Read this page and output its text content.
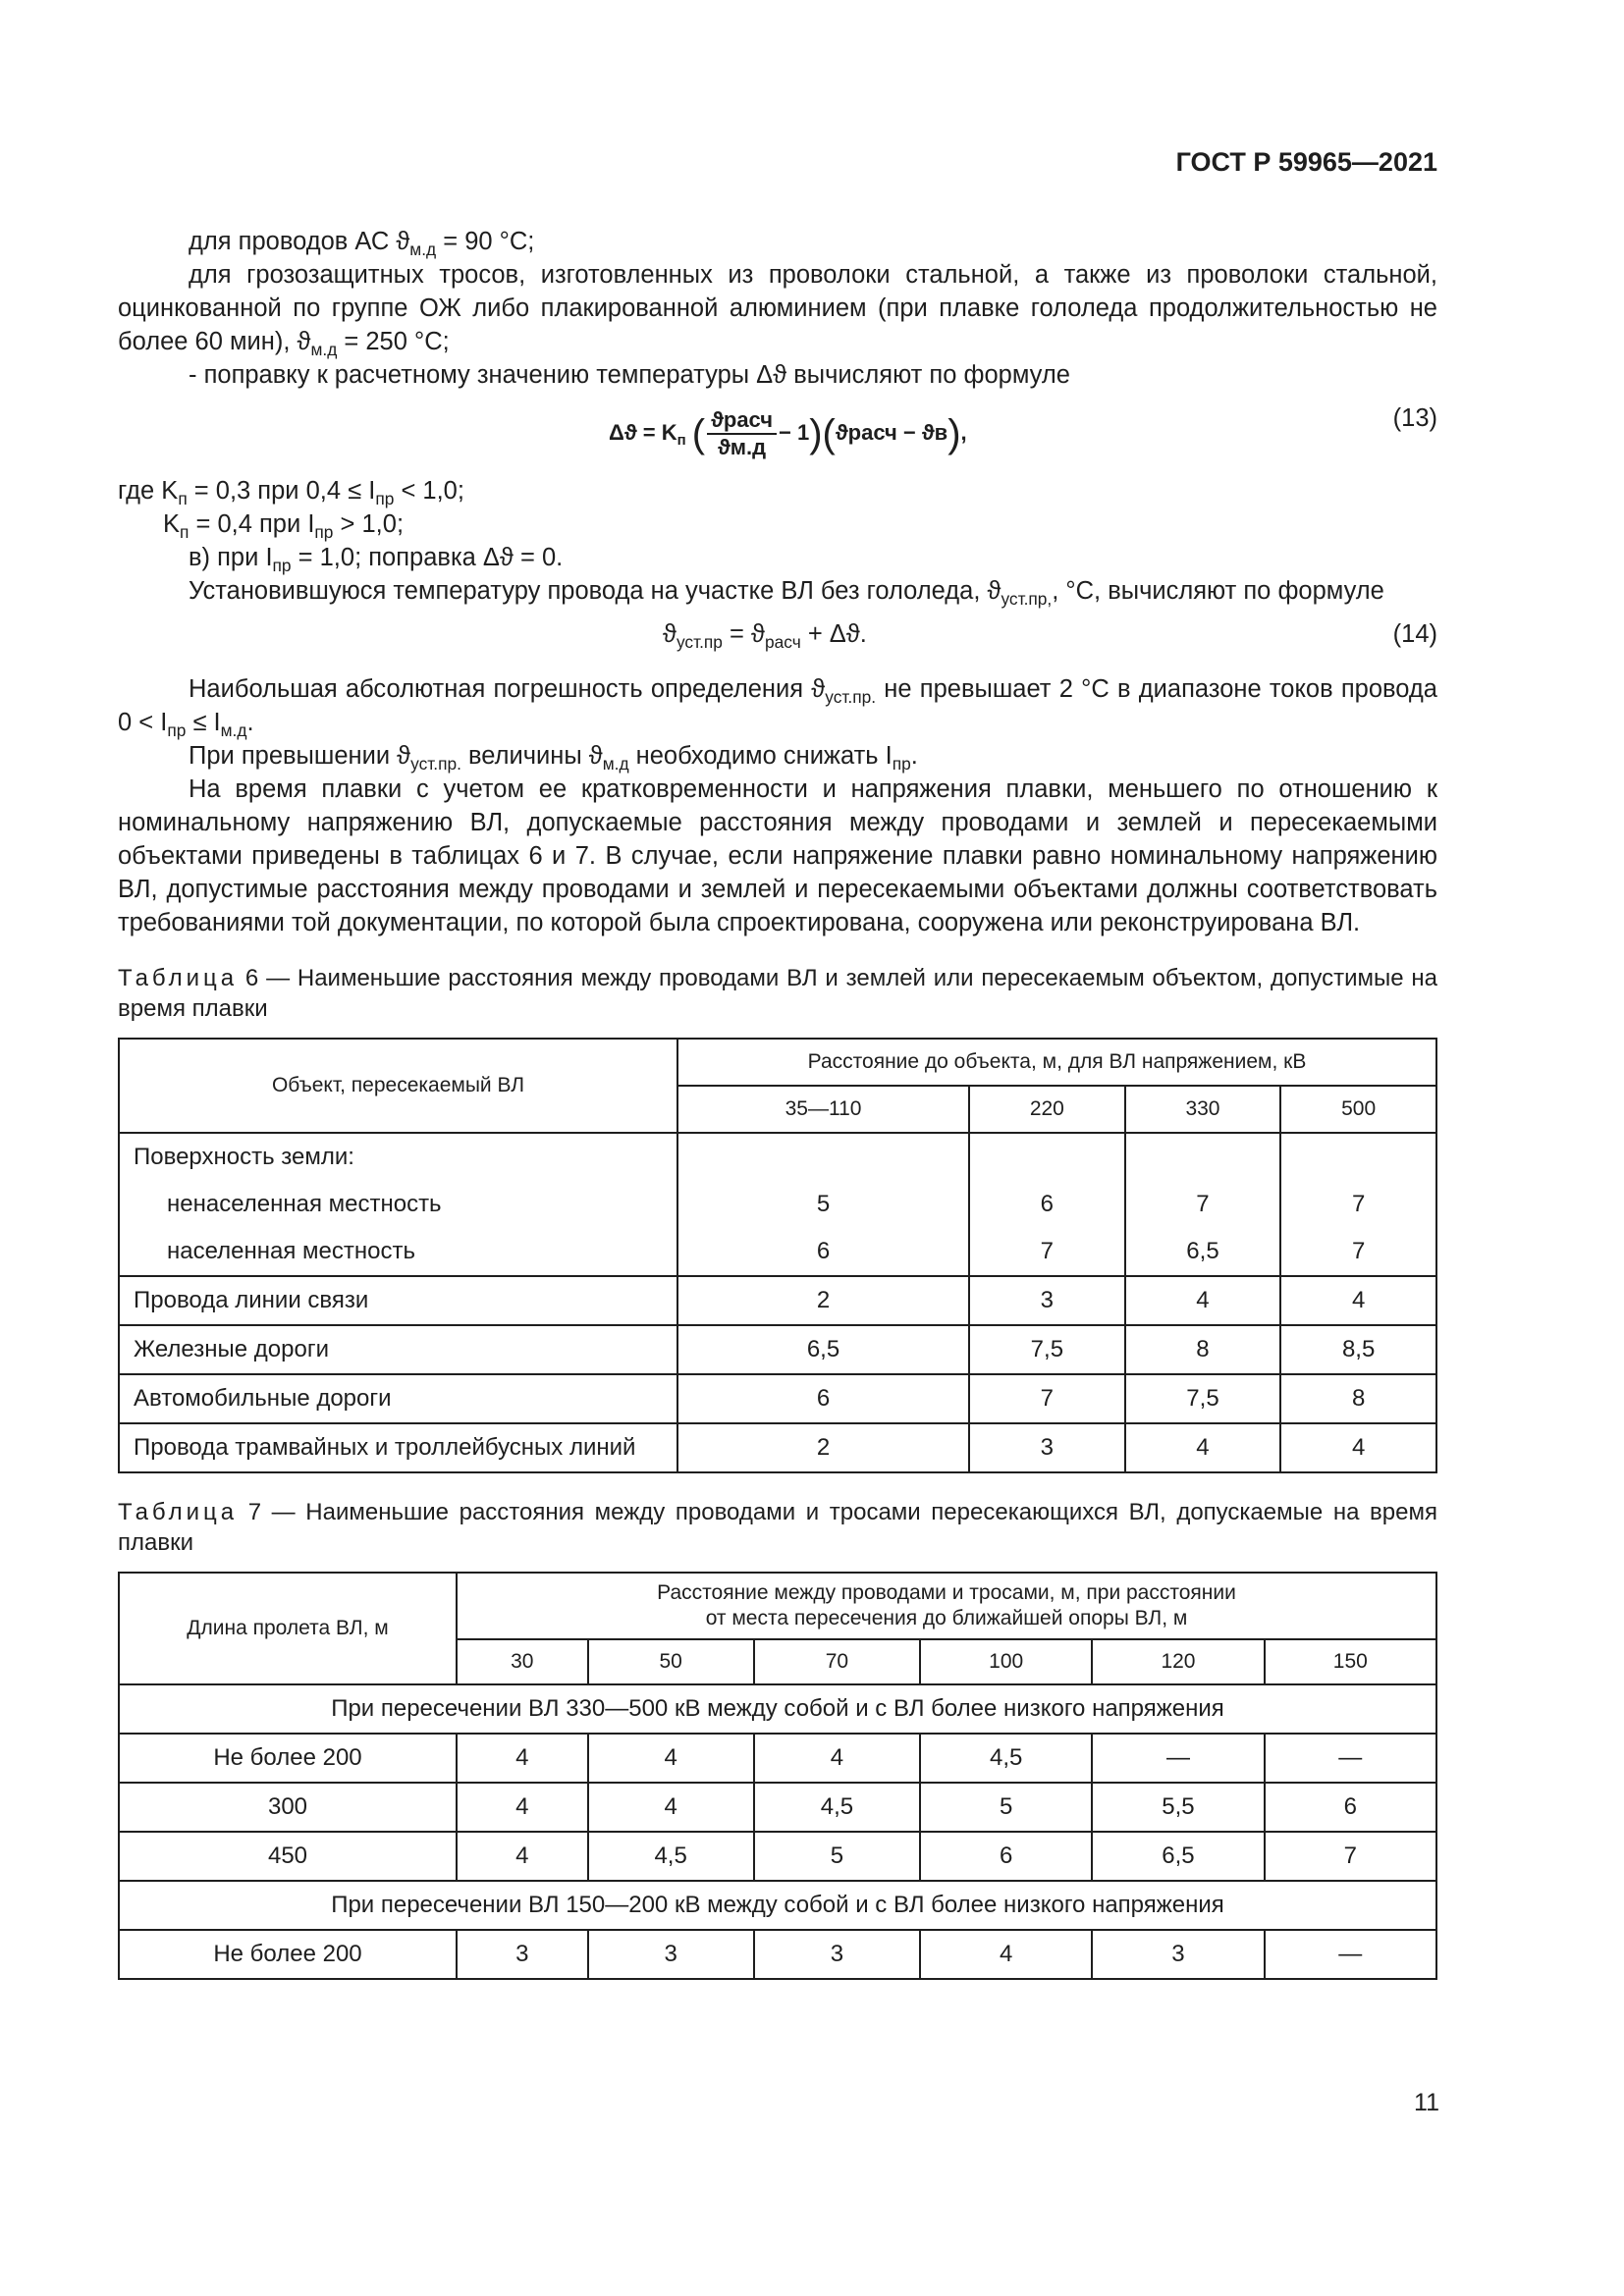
ГОСТ Р 59965—2021

для проводов АС $ϑ_{м.д} = 90$ °С;

для грозозащитных тросов, изготовленных из проволоки стальной, а также из проволоки стальной, оцинкованной по группе ОЖ либо плакированной алюминием (при плавке гололеда продолжительностью не более 60 мин), $ϑ_{м.д} = 250$ °С;

- поправку к расчетному значению температуры Δϑ вычисляют по формуле

$\Delta ϑ = K_п$ ( $\frac{\text{ϑрасч}}{ϑм.д}$ − 1)(ϑрасч − ϑв),
(13)

где $K_п = 0,3$ при $0,4 \le I_{пр} < 1,0$;

$K_п = 0,4$ при $I_{пр} > 1,0$;

в) при $I_{пр} = 1,0$; поправка Δϑ = 0.

Установившуюся температуру провода на участке ВЛ без гололеда, $ϑ_{уст.пр,}$, °С, вычисляют по формуле

$ϑ_{уст.пр} = ϑ_{расч} + \Delta ϑ$.	(14)

Наибольшая абсолютная погрешность определения $ϑ_{уст.пр.}$ не превышает 2 °С в диапазоне токов провода $0 < I_{пр} \le I_{м.д}$.

При превышении $ϑ_{уст.пр.}$ величины $ϑ_{м.д}$ необходимо снижать $I_{пр}$.

На время плавки с учетом ее кратковременности и напряжения плавки, меньшего по отношению к номинальному напряжению ВЛ, допускаемые расстояния между проводами и землей и пересекаемыми объектами приведены в таблицах 6 и 7. В случае, если напряжение плавки равно номинальному напряжению ВЛ, допустимые расстояния между проводами и землей и пересекаемыми объектами должны соответствовать требованиями той документации, по которой была спроектирована, сооружена или реконструирована ВЛ.

Таблица 6 — Наименьшие расстояния между проводами ВЛ и землей или пересекаемым объектом, допустимые на время плавки

Объект, пересекаемый ВЛ	Расстояние до объекта, м, для ВЛ напряжением, кВ			
	35—110	220	330	500
Поверхность земли:				
ненаселенная местность	5	6	7	7
населенная местность	6	7	6,5	7
Провода линии связи	2	3	4	4
Железные дороги	6,5	7,5	8	8,5
Автомобильные дороги	6	7	7,5	8
Провода трамвайных и троллейбусных линий	2	3	4	4

Таблица 7 — Наименьшие расстояния между проводами и тросами пересекающихся ВЛ, допускаемые на время плавки

Длина пролета ВЛ, м	Расстояние между проводами и тросами, м, при расстоянии
от места пересечения до ближайшей опоры ВЛ, м					
	30	50	70	100	120	150
При пересечении ВЛ 330—500 кВ между собой и с ВЛ более низкого напряжения						
Не более 200	4	4	4	4,5	—	—
300	4	4	4,5	5	5,5	6
450	4	4,5	5	6	6,5	7
При пересечении ВЛ 150—200 кВ между собой и с ВЛ более низкого напряжения						
Не более 200	3	3	3	4	3	—
11
